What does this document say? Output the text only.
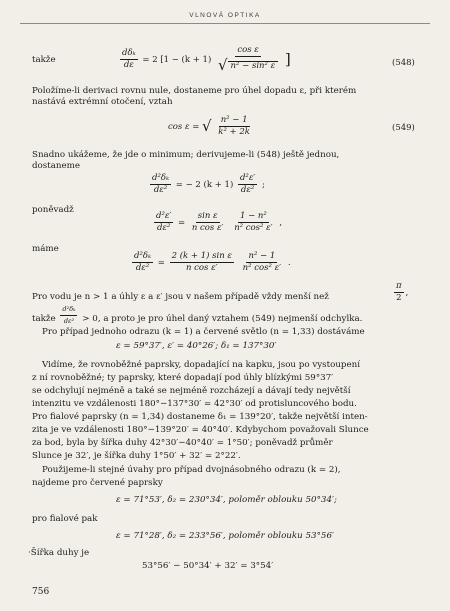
VLNOVÁ OPTIKA
takže	$\frac{\text{dδₖ}}{d\varepsilon} = 2$ [$1 - (k + 1) \frac{\text{cos ε}}{\text{√ n² − sin² ε}}$ ]	(548)
Položíme-li derivaci rovnu nule, dostaneme pro úhel dopadu ε, při kterém
nastává extrémní otočení, vztah
cos ε = √ $\frac{\text{n² − 1}}{\text{k² + 2k}}$	(549)
Snadno ukážeme, že jde o minimum; derivujeme-li (548) ještě jednou,
dostaneme
$\frac{\text{d²δₖ}}{\text{dε²}}$ = − 2 $(k + 1) \frac{\text{d²ε′}}{\text{dε²}}$ ;
poněvadž
$\frac{\text{d²ε′}}{\text{dε²}} = \frac{\text{sin ε}}{\text{n cos ε′}}$
$\frac{\text{1 − n²}}{\text{n² cos² ε′}}$ ,
máme
$\frac{\text{d²δₖ}}{\text{dε²}} = \frac{\text{2 (k + 1) sin ε}}{\text{n cos ε′}}$
$\frac{\text{n² − 1}}{\text{n² cos² ε′}}$ .
Pro vodu je n > 1 a úhly ε a ε′ jsou v našem případě vždy menší než	$\frac{\pi}{2}$ ,
takže $\frac{\text{d²δₖ}}{\text{dε²}} > 0$, a proto je pro úhel daný vztahem (549) nejmenší odchylka.
Pro případ jednoho odrazu (k = 1) a červené světlo (n = 1,33) dostáváme
ε = 59°37′, ε′ = 40°26′; δ₁ = 137°30′
Vidíme, že rovnoběžné paprsky, dopadající na kapku, jsou po vystoupení
z ní rovnoběžné; ty paprsky, které dopadají pod úhly blízkými 59°37′
se odchylují nejméně a také se nejméně rozcházejí a dávají tedy největší
intenzitu ve vzdálenosti 180°−137°30′ = 42°30′ od protisluncového bodu.
Pro fialové paprsky (n = 1,34) dostaneme δ₁ = 139°20′, takže největší inten-
zita je ve vzdálenosti 180°−139°20′ = 40°40′. Kdybychom považovali Slunce
za bod, byla by šířka duhy 42°30′−40°40′ = 1°50′; poněvadž průměr
Slunce je 32′, je šířka duhy 1°50′ + 32′ = 2°22′.
Použijeme-li stejné úvahy pro případ dvojnásobného odrazu (k = 2),
najdeme pro červené paprsky
ε = 71°53′, δ₂ = 230°34′, poloměr oblouku 50°34′;
pro fialové pak
ε = 71°28′, δ₂ = 233°56′, poloměr oblouku 53°56′
·Šířka duhy je
53°56′ − 50°34′ + 32′ = 3°54′
756
